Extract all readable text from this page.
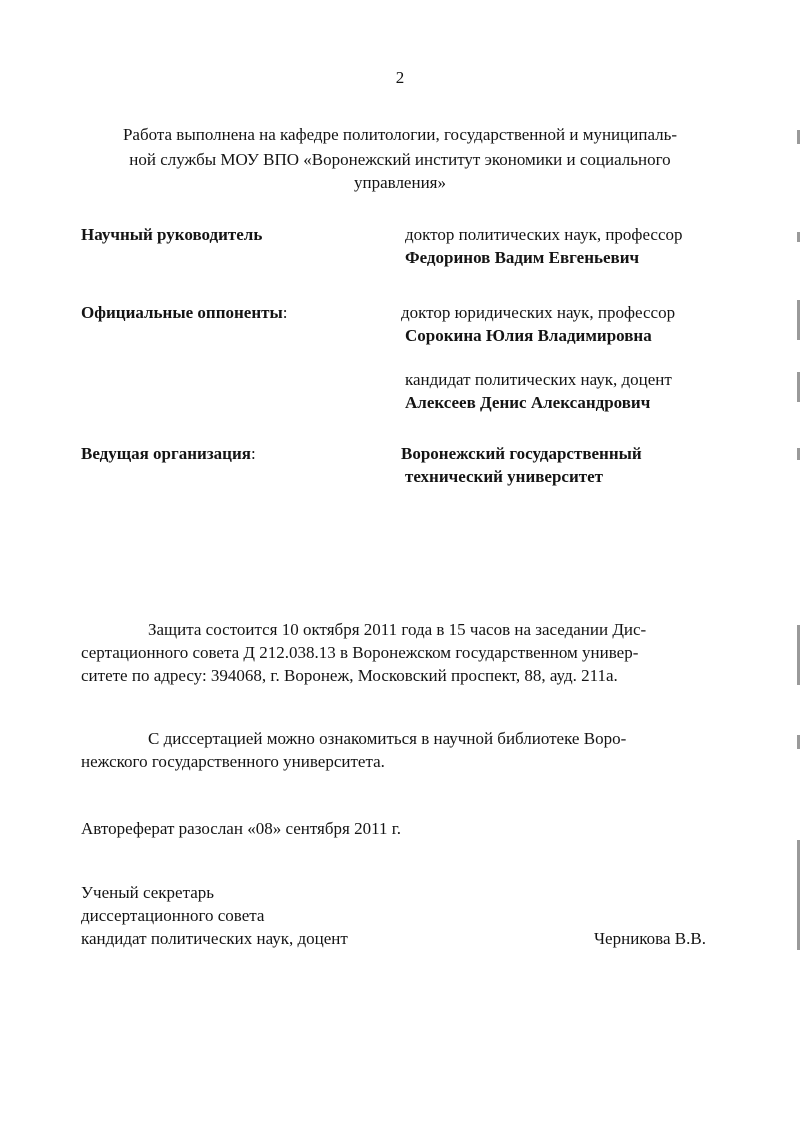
2
Работа выполнена на кафедре политологии, государственной и муниципаль-
ной службы МОУ ВПО «Воронежский институт экономики и социального
управления»
Научный руководитель	доктор политических наук, профессор
Федоринов Вадим Евгеньевич
Официальные оппоненты:	доктор юридических наук, профессор
Сорокина Юлия Владимировна
кандидат политических наук, доцент
Алексеев Денис Александрович
Ведущая организация:	Воронежский государственный
технический университет
Защита состоится 10 октября 2011 года в 15 часов на заседании Дис-
сертационного совета Д 212.038.13 в Воронежском государственном универ-
ситете по адресу: 394068, г. Воронеж, Московский проспект, 88, ауд. 211а.
С диссертацией можно ознакомиться в научной библиотеке Воро-
нежского государственного университета.
Автореферат разослан «08» сентября 2011 г.
Ученый секретарь
диссертационного совета
кандидат политических наук, доцент	Черникова В.В.
